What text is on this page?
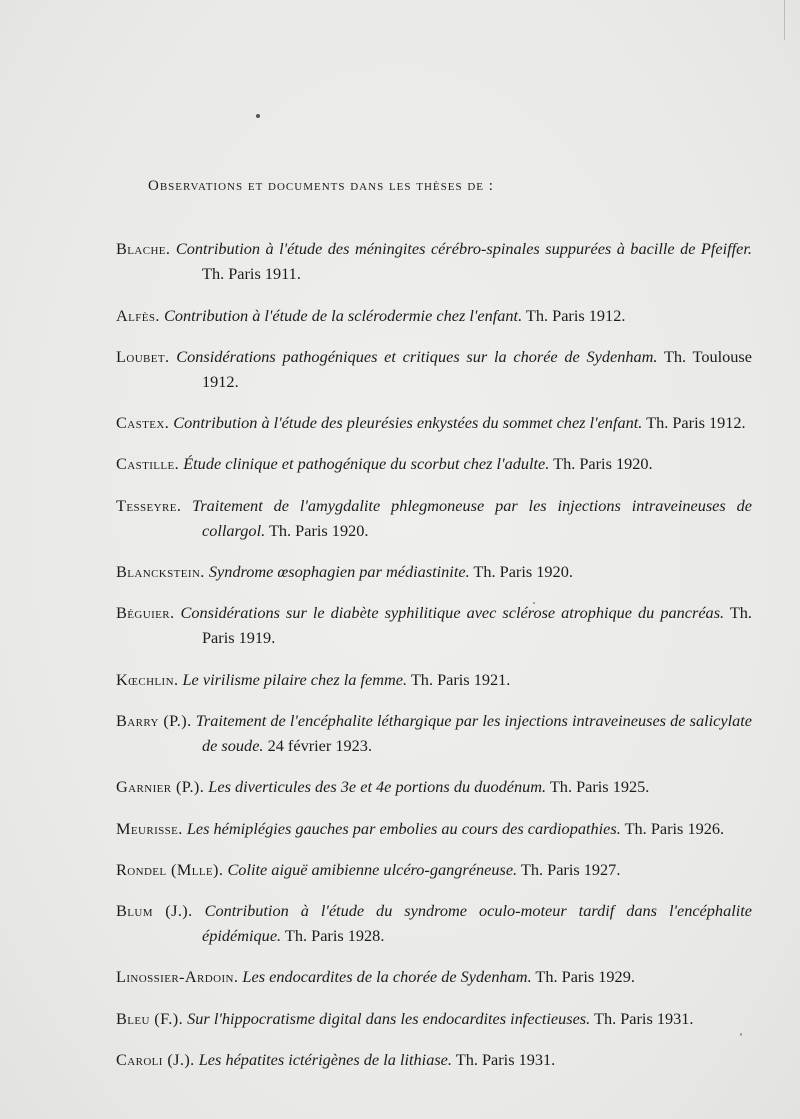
Observations et documents dans les thèses de :

Blache. Contribution à l'étude des méningites cérébro-spinales suppurées à bacille de Pfeiffer. Th. Paris 1911.

Alfès. Contribution à l'étude de la sclérodermie chez l'enfant. Th. Paris 1912.

Loubet. Considérations pathogéniques et critiques sur la chorée de Sydenham. Th. Toulouse 1912.

Castex. Contribution à l'étude des pleurésies enkystées du sommet chez l'enfant. Th. Paris 1912.

Castille. Étude clinique et pathogénique du scorbut chez l'adulte. Th. Paris 1920.

Tesseyre. Traitement de l'amygdalite phlegmoneuse par les injections intraveineuses de collargol. Th. Paris 1920.

Blanckstein. Syndrome œsophagien par médiastinite. Th. Paris 1920.

Béguier. Considérations sur le diabète syphilitique avec sclérose atrophique du pancréas. Th. Paris 1919.

Kœchlin. Le virilisme pilaire chez la femme. Th. Paris 1921.

Barry (P.). Traitement de l'encéphalite léthargique par les injections intraveineuses de salicylate de soude. 24 février 1923.

Garnier (P.). Les diverticules des 3e et 4e portions du duodénum. Th. Paris 1925.

Meurisse. Les hémiplégies gauches par embolies au cours des cardiopathies. Th. Paris 1926.

Rondel (Mlle). Colite aiguë amibienne ulcéro-gangréneuse. Th. Paris 1927.

Blum (J.). Contribution à l'étude du syndrome oculo-moteur tardif dans l'encéphalite épidémique. Th. Paris 1928.

Linossier-Ardoin. Les endocardites de la chorée de Sydenham. Th. Paris 1929.

Bleu (F.). Sur l'hippocratisme digital dans les endocardites infectieuses. Th. Paris 1931.

Caroli (J.). Les hépatites ictérigènes de la lithiase. Th. Paris 1931.
